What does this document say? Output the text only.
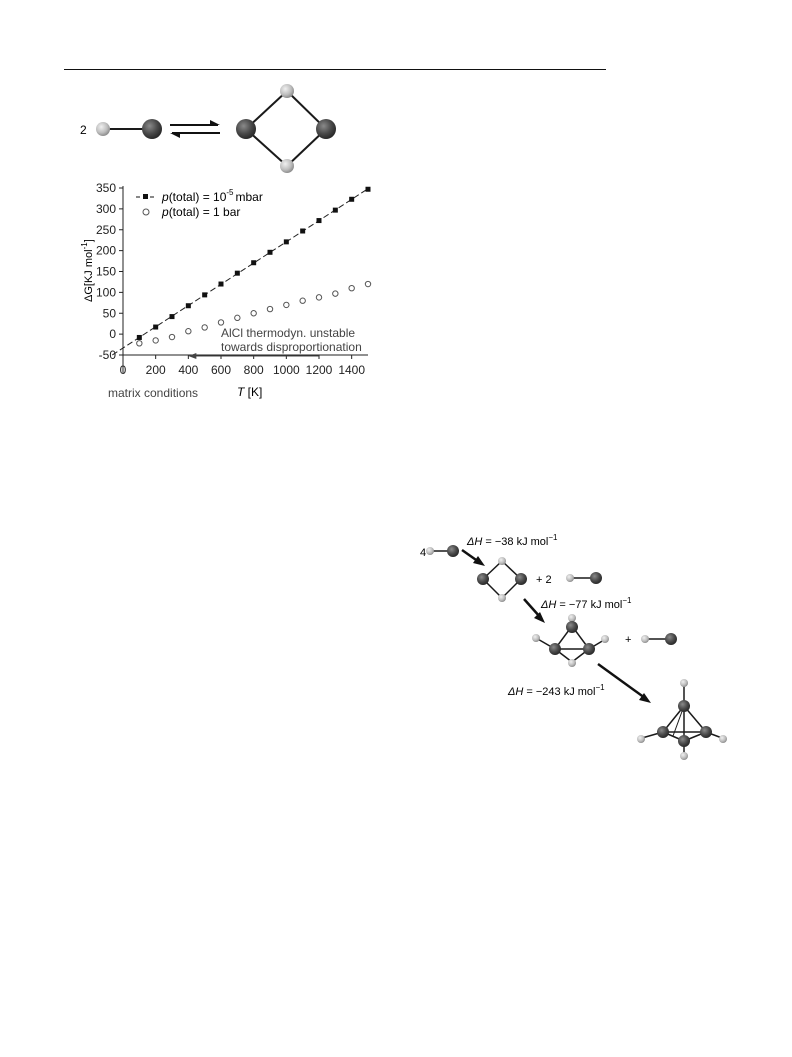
2
-50
0
50
100
150
200
250
300
350
0 200 400 600 800 1000 1200 1400
p(total) = $10^{-5}$ mbar
p(total) = 1 bar
AlCl thermodyn. unstable
towards disproportionation
ΔG[KJ mol$^{-1}$]
T [K]
matrix conditions
4
ΔH = −38 kJ mol$^{-1}$
+ 2
ΔH = −77 kJ mol$^{-1}$
+
ΔH = −243 kJ mol$^{-1}$
